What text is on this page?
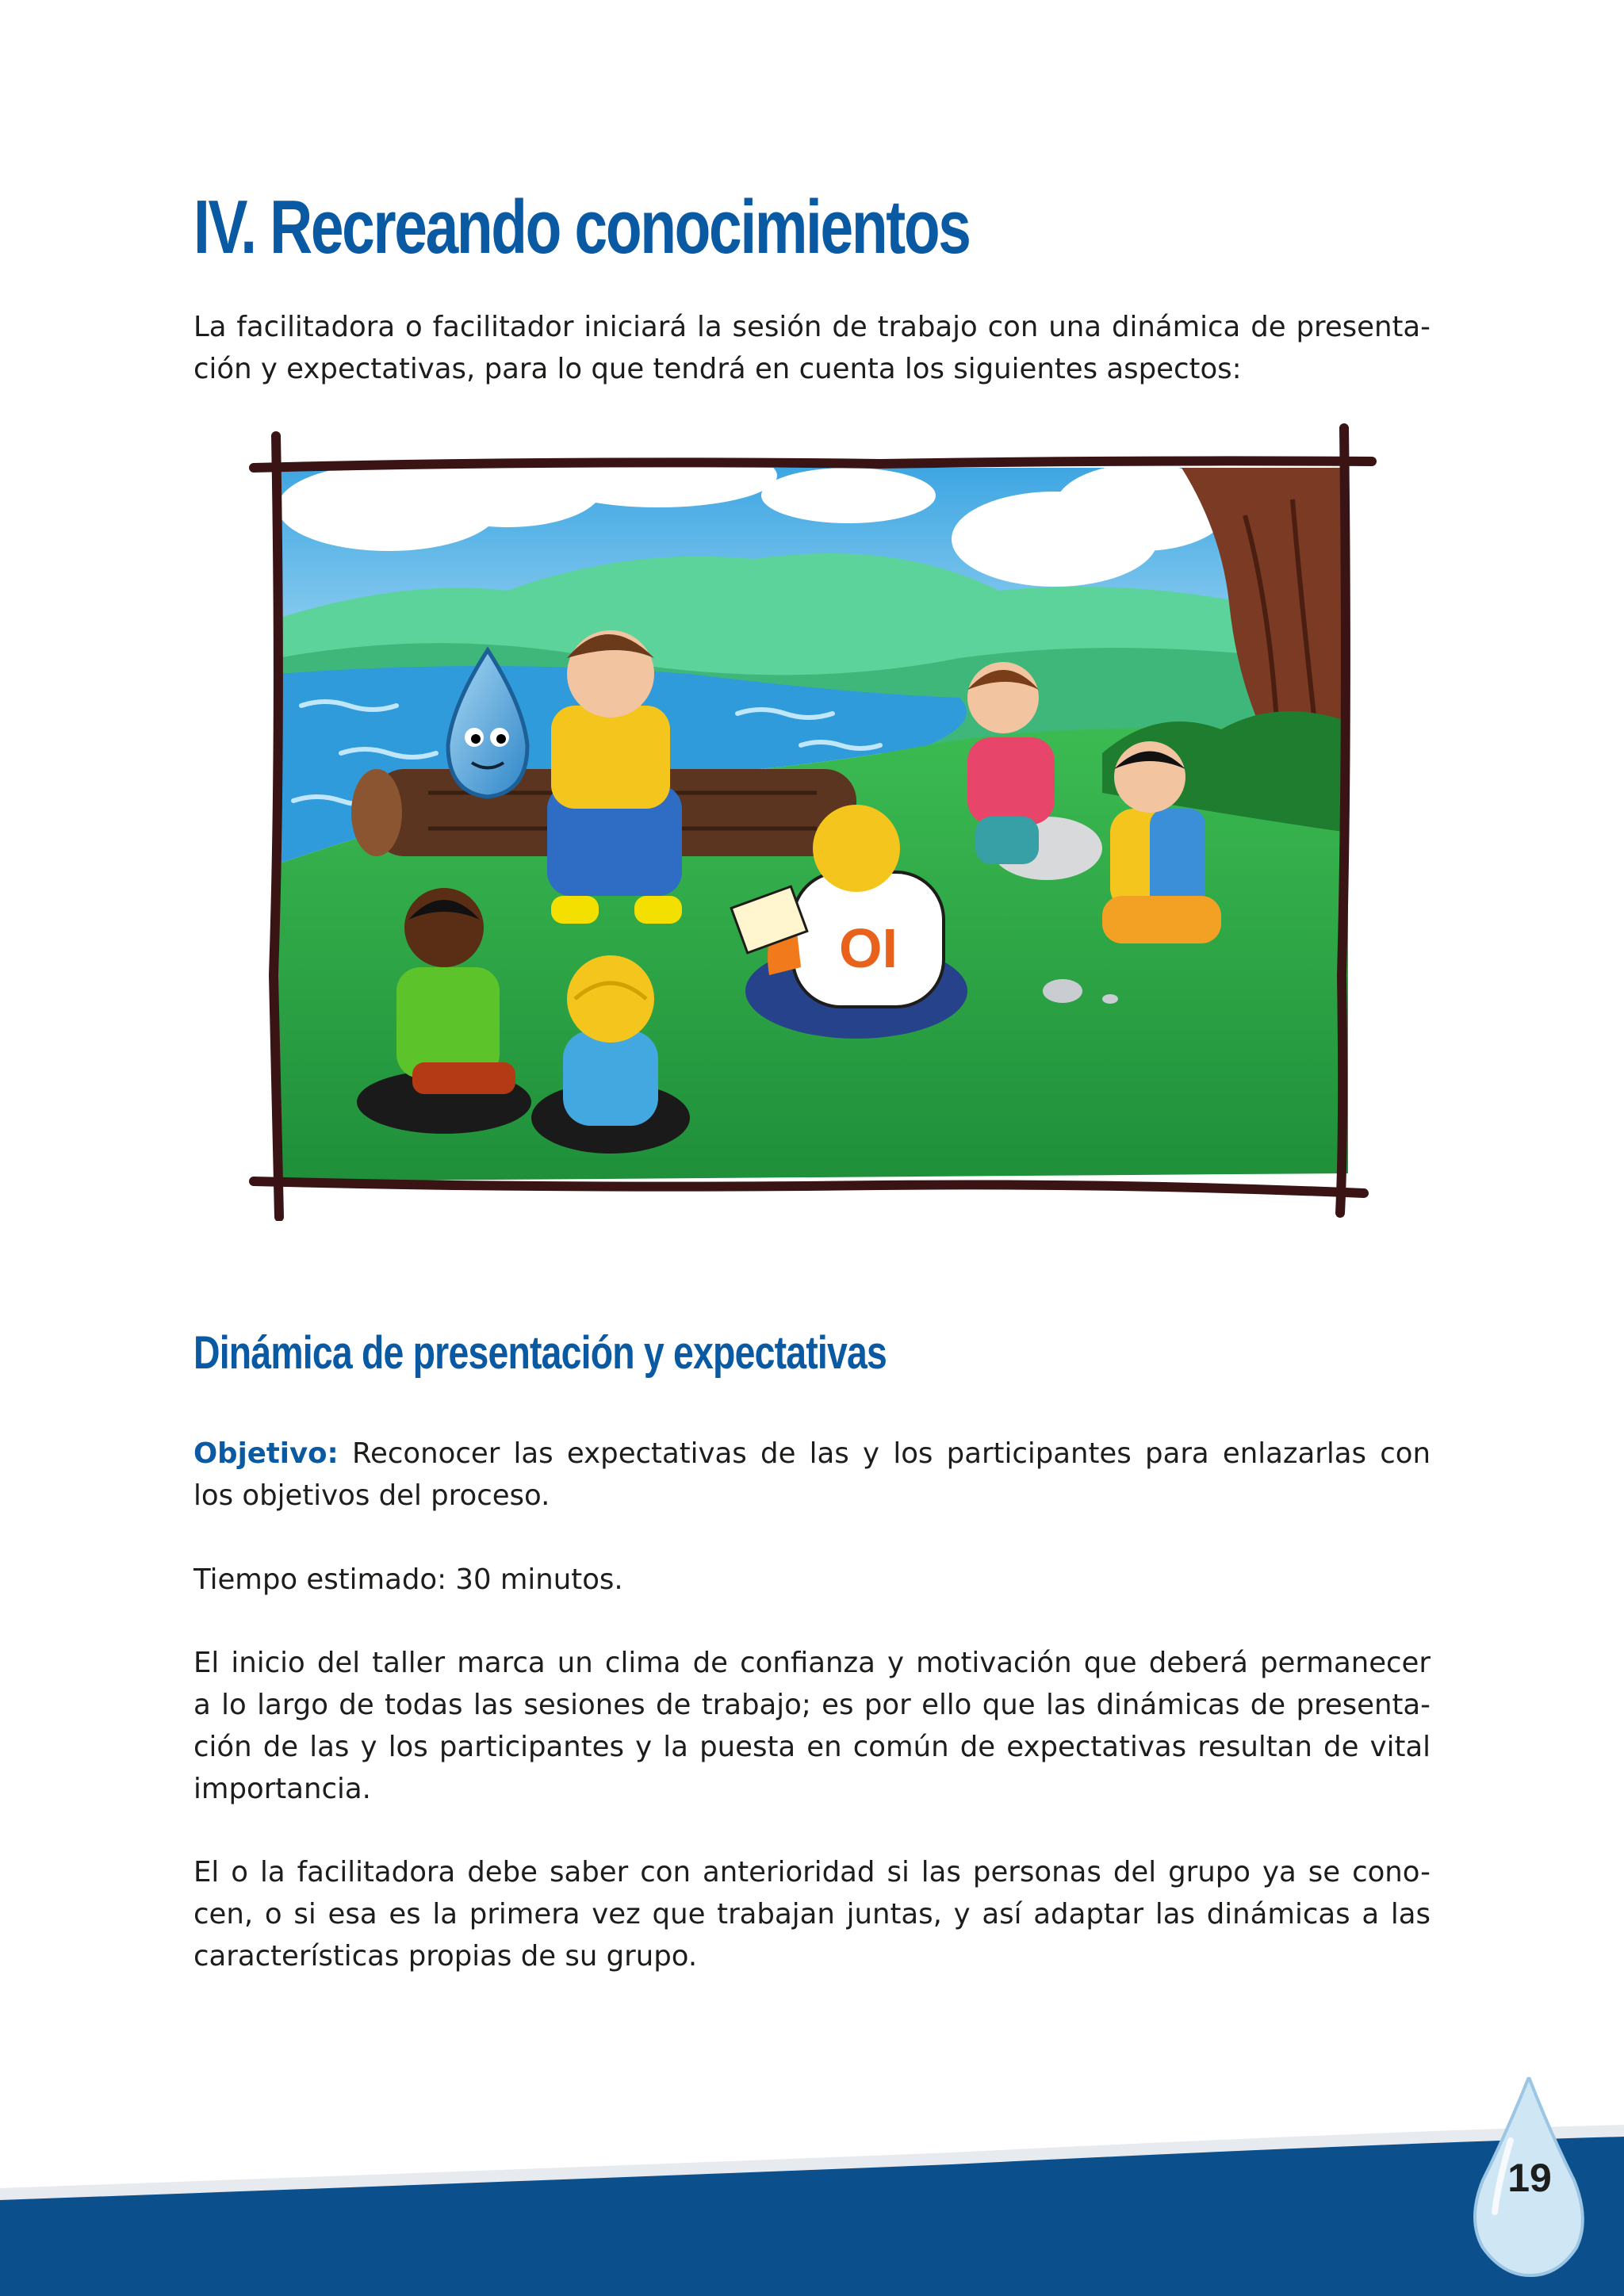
IV. Recreando conocimientos

La facilitadora o facilitador iniciará la sesión de trabajo con una dinámica de presenta-
ción y expectativas, para lo que tendrá en cuenta los siguientes aspectos:

OI
Dinámica de presentación y expectativas

Objetivo: Reconocer las expectativas de las y los participantes para enlazarlas con
los objetivos del proceso.

Tiempo estimado: 30 minutos.

El inicio del taller marca un clima de confianza y motivación que deberá permanecer
a lo largo de todas las sesiones de trabajo; es por ello que las dinámicas de presenta-
ción de las y los participantes y la puesta en común de expectativas resultan de vital
importancia.

El o la facilitadora debe saber con anterioridad si las personas del grupo ya se cono-
cen, o si esa es la primera vez que trabajan juntas, y así adaptar las dinámicas a las
características propias de su grupo.

19
